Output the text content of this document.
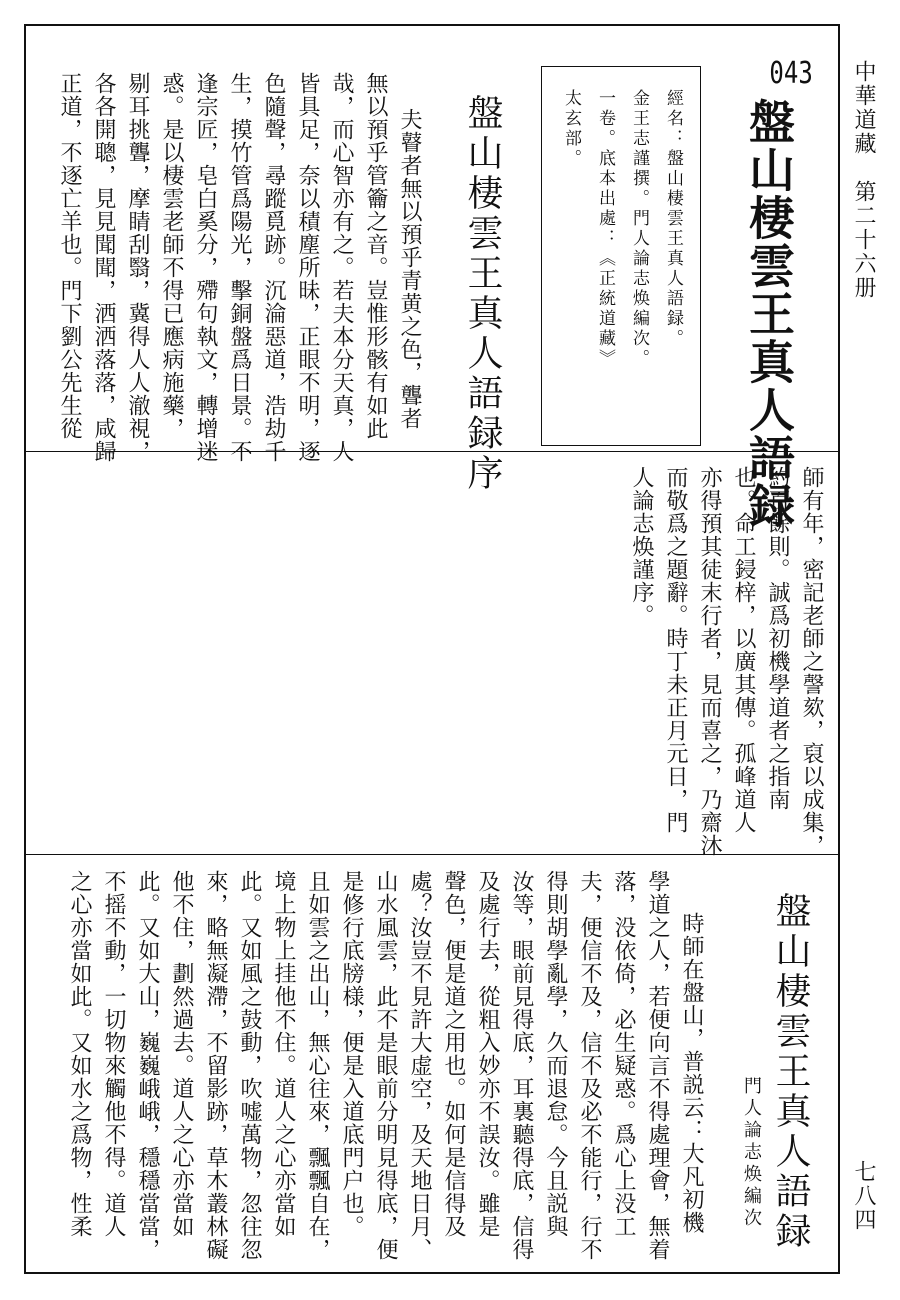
中華道藏　第二十六册
七八四
043
盤山棲雲王真人語録
經名：盤山棲雲王真人語録。
金王志謹撰。門人論志焕編次。
一卷。底本出處：《正統道藏》
太玄部。
盤山棲雲王真人語録序
夫瞽者無以預乎青黄之色，聾者
無以預乎管籥之音。豈惟形骸有如此
哉，而心智亦有之。若夫本分天真，人
皆具足，奈以積塵所昧，正眼不明，逐
色隨聲，尋蹤覓跡。沉淪惡道，浩劫千
生，摸竹管爲陽光，擊銅盤爲日景。不
逢宗匠，皂白奚分，殢句執文，轉增迷
惑。是以棲雲老師不得已應病施藥，
剔耳挑聾，摩睛刮翳，冀得人人澈視，
各各開聰，見見聞聞，洒洒落落，咸歸
正道，不逐亡羊也。門下劉公先生從
師有年，密記老師之謦欬，裒以成集，
約百餘則。誠爲初機學道者之指南
也。命工鋟梓，以廣其傳。孤峰道人
亦得預其徒末行者，見而喜之，乃齋沐
而敬爲之題辭。時丁未正月元日，門
人論志焕謹序。
盤山棲雲王真人語録
門人論志焕編次
時師在盤山，普説云：大凡初機
學道之人，若便向言不得處理會，無着
落，没依倚，必生疑惑。爲心上没工
夫，便信不及，信不及必不能行，行不
得則胡學亂學，久而退怠。今且説與
汝等，眼前見得底，耳裏聽得底，信得
及處行去，從粗入妙亦不誤汝。雖是
聲色，便是道之用也。如何是信得及
處？汝豈不見許大虚空，及天地日月、
山水風雲，此不是眼前分明見得底，便
是修行底牓様，便是入道底門户也。
且如雲之出山，無心往來，飄飄自在，
境上物上挂他不住。道人之心亦當如
此。又如風之鼓動，吹嘘萬物，忽往忽
來，略無凝滯，不留影跡，草木叢林礙
他不住，劃然過去。道人之心亦當如
此。又如大山，巍巍峨峨，穩穩當當，
不摇不動，一切物來觸他不得。道人
之心亦當如此。又如水之爲物，性柔
